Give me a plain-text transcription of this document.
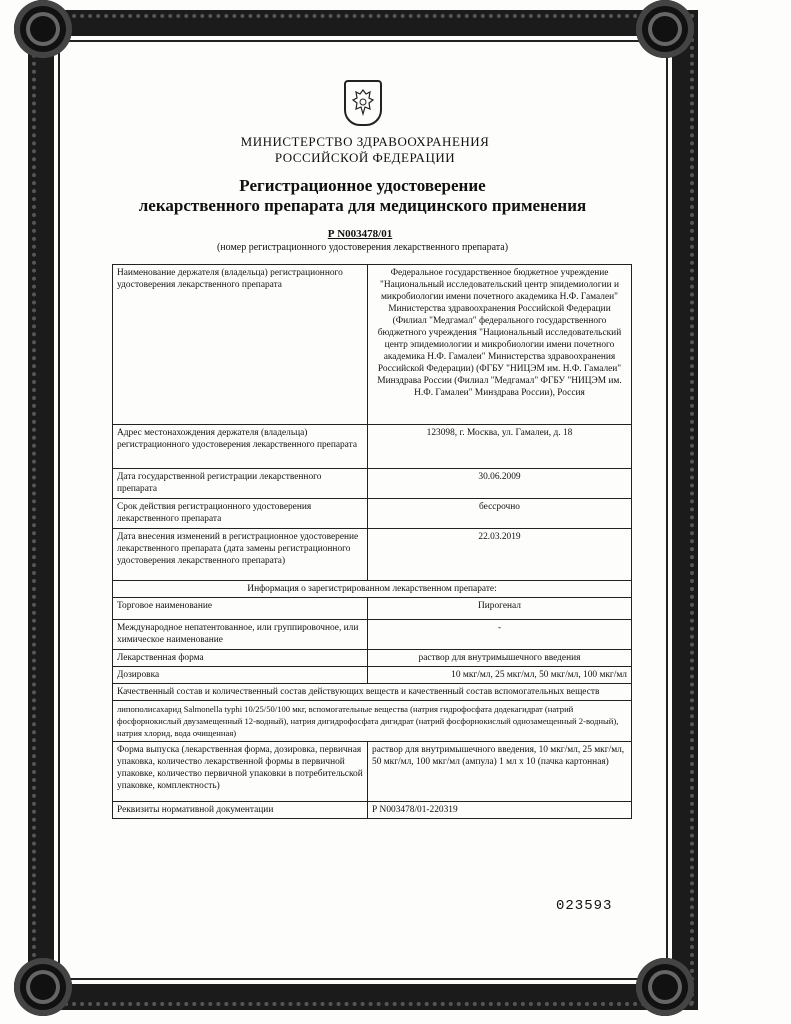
МИНИСТЕРСТВО ЗДРАВООХРАНЕНИЯ
РОССИЙСКОЙ ФЕДЕРАЦИИ
Регистрационное удостоверение
лекарственного препарата для медицинского применения
Р N003478/01
(номер регистрационного удостоверения лекарственного препарата)
Наименование держателя (владельца) регистрационного удостоверения лекарственного препарата	Федеральное государственное бюджетное учреждение "Национальный исследовательский центр эпидемиологии и микробиологии имени почетного академика Н.Ф. Гамалеи" Министерства здравоохранения Российской Федерации (Филиал "Медгамал" федерального государственного бюджетного учреждения "Национальный исследовательский центр эпидемиологии и микробиологии имени почетного академика Н.Ф. Гамалеи" Министерства здравоохранения Российской Федерации) (ФГБУ "НИЦЭМ им. Н.Ф. Гамалеи" Минздрава России (Филиал "Медгамал" ФГБУ "НИЦЭМ им. Н.Ф. Гамалеи" Минздрава России), Россия
Адрес местонахождения держателя (владельца) регистрационного удостоверения лекарственного препарата	123098, г. Москва, ул. Гамалеи, д. 18
Дата государственной регистрации лекарственного препарата	30.06.2009
Срок действия регистрационного удостоверения лекарственного препарата	бессрочно
Дата внесения изменений в регистрационное удостоверение лекарственного препарата (дата замены регистрационного удостоверения лекарственного препарата)	22.03.2019
Информация о зарегистрированном лекарственном препарате:	
Торговое наименование	Пирогенал
Международное непатентованное, или группировочное, или химическое наименование	-
Лекарственная форма	раствор для внутримышечного введения
Дозировка	10 мкг/мл, 25 мкг/мл, 50 мкг/мл, 100 мкг/мл
Качественный состав и количественный состав действующих веществ и качественный состав вспомогательных веществ	
липополисахарид Salmonella typhi 10/25/50/100 мкг, вспомогательные вещества (натрия гидрофосфата додекагидрат (натрий фосфорнокислый двузамещенный 12-водный), натрия дигидрофосфата дигидрат (натрий фосфорнокислый однозамещенный 2-водный), натрия хлорид, вода очищенная)	
Форма выпуска (лекарственная форма, дозировка, первичная упаковка, количество лекарственной формы в первичной упаковке, количество первичной упаковки в потребительской упаковке, комплектность)	раствор для внутримышечного введения, 10 мкг/мл, 25 мкг/мл, 50 мкг/мл, 100 мкг/мл (ампула) 1 мл х 10 (пачка картонная)
Реквизиты нормативной документации	Р N003478/01-220319
023593
